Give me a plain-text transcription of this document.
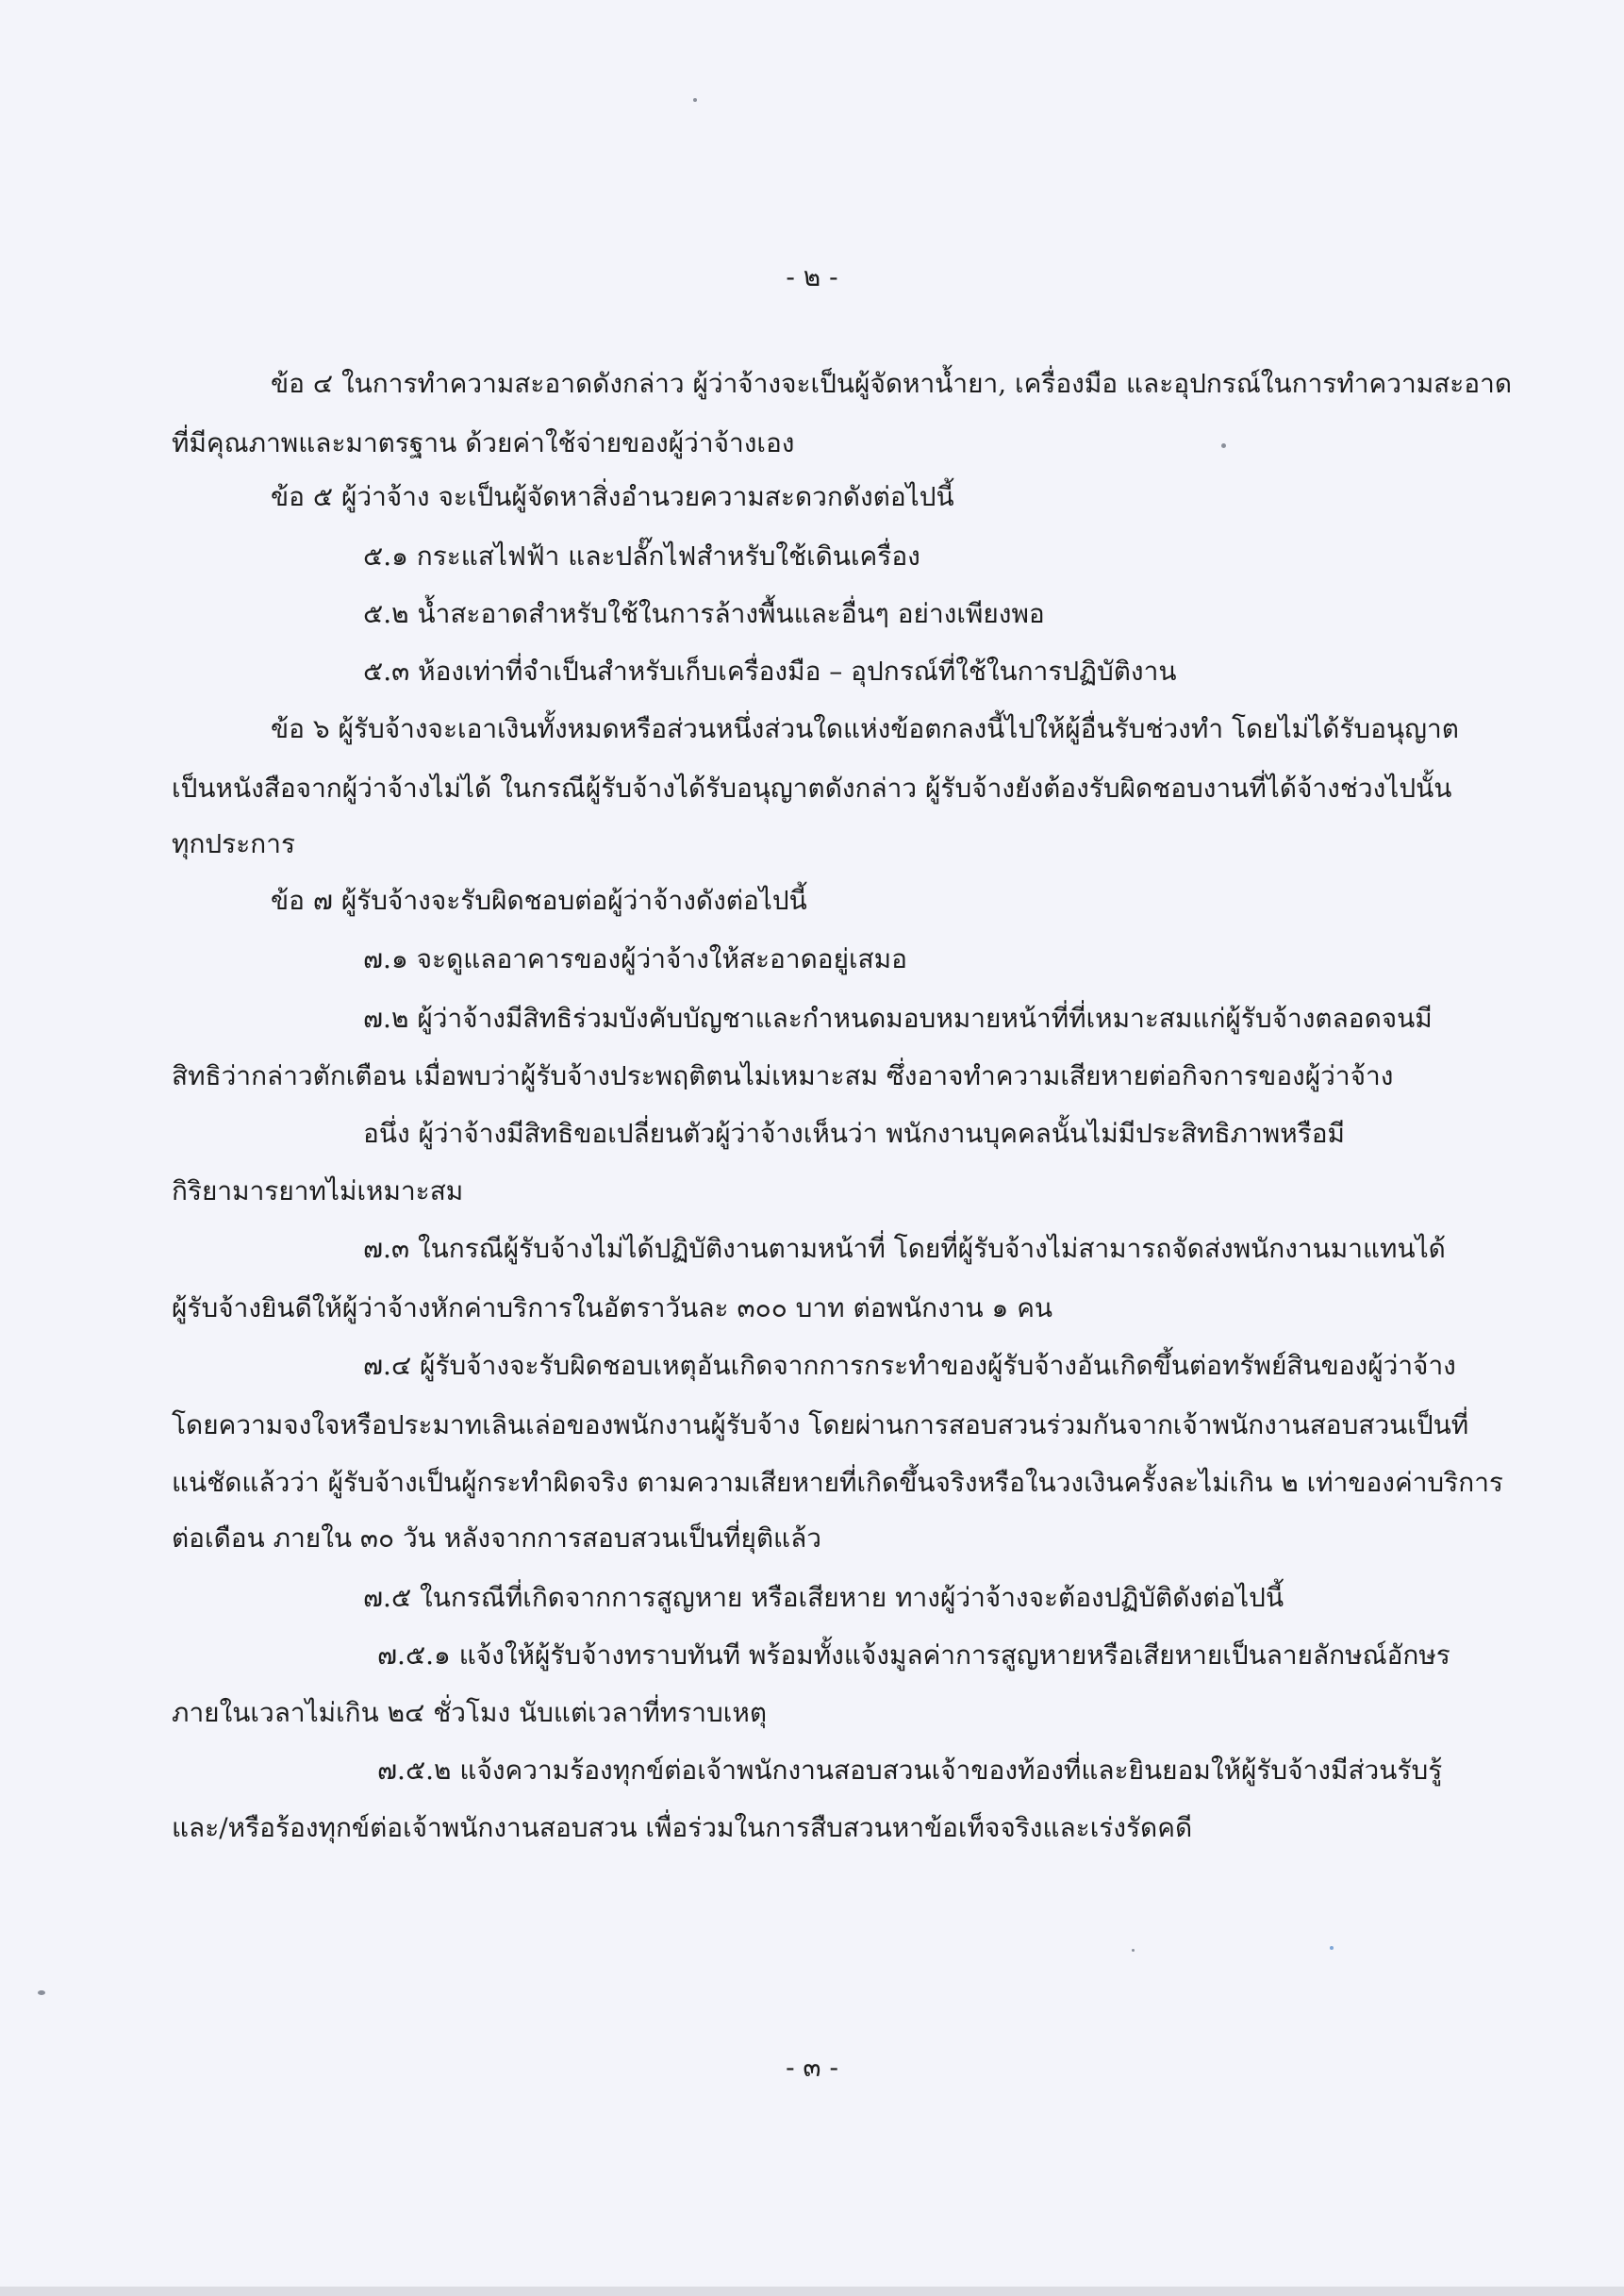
- ๒ -
ข้อ ๔ ในการทำความสะอาดดังกล่าว ผู้ว่าจ้างจะเป็นผู้จัดหาน้ำยา, เครื่องมือ และอุปกรณ์ในการทำความสะอาด
ที่มีคุณภาพและมาตรฐาน ด้วยค่าใช้จ่ายของผู้ว่าจ้างเอง
ข้อ ๕ ผู้ว่าจ้าง จะเป็นผู้จัดหาสิ่งอำนวยความสะดวกดังต่อไปนี้
๕.๑ กระแสไฟฟ้า และปลั๊กไฟสำหรับใช้เดินเครื่อง
๕.๒ น้ำสะอาดสำหรับใช้ในการล้างพื้นและอื่นๆ อย่างเพียงพอ
๕.๓ ห้องเท่าที่จำเป็นสำหรับเก็บเครื่องมือ – อุปกรณ์ที่ใช้ในการปฏิบัติงาน
ข้อ ๖ ผู้รับจ้างจะเอาเงินทั้งหมดหรือส่วนหนึ่งส่วนใดแห่งข้อตกลงนี้ไปให้ผู้อื่นรับช่วงทำ โดยไม่ได้รับอนุญาต
เป็นหนังสือจากผู้ว่าจ้างไม่ได้ ในกรณีผู้รับจ้างได้รับอนุญาตดังกล่าว ผู้รับจ้างยังต้องรับผิดชอบงานที่ได้จ้างช่วงไปนั้น
ทุกประการ
ข้อ ๗ ผู้รับจ้างจะรับผิดชอบต่อผู้ว่าจ้างดังต่อไปนี้
๗.๑ จะดูแลอาคารของผู้ว่าจ้างให้สะอาดอยู่เสมอ
๗.๒ ผู้ว่าจ้างมีสิทธิร่วมบังคับบัญชาและกำหนดมอบหมายหน้าที่ที่เหมาะสมแก่ผู้รับจ้างตลอดจนมี
สิทธิว่ากล่าวตักเตือน เมื่อพบว่าผู้รับจ้างประพฤติตนไม่เหมาะสม ซึ่งอาจทำความเสียหายต่อกิจการของผู้ว่าจ้าง
อนึ่ง ผู้ว่าจ้างมีสิทธิขอเปลี่ยนตัวผู้ว่าจ้างเห็นว่า พนักงานบุคคลนั้นไม่มีประสิทธิภาพหรือมี
กิริยามารยาทไม่เหมาะสม
๗.๓ ในกรณีผู้รับจ้างไม่ได้ปฏิบัติงานตามหน้าที่ โดยที่ผู้รับจ้างไม่สามารถจัดส่งพนักงานมาแทนได้
ผู้รับจ้างยินดีให้ผู้ว่าจ้างหักค่าบริการในอัตราวันละ ๓๐๐ บาท ต่อพนักงาน ๑ คน
๗.๔ ผู้รับจ้างจะรับผิดชอบเหตุอันเกิดจากการกระทำของผู้รับจ้างอันเกิดขึ้นต่อทรัพย์สินของผู้ว่าจ้าง
โดยความจงใจหรือประมาทเลินเล่อของพนักงานผู้รับจ้าง โดยผ่านการสอบสวนร่วมกันจากเจ้าพนักงานสอบสวนเป็นที่
แน่ชัดแล้วว่า ผู้รับจ้างเป็นผู้กระทำผิดจริง ตามความเสียหายที่เกิดขึ้นจริงหรือในวงเงินครั้งละไม่เกิน ๒ เท่าของค่าบริการ
ต่อเดือน ภายใน ๓๐ วัน หลังจากการสอบสวนเป็นที่ยุติแล้ว
๗.๕ ในกรณีที่เกิดจากการสูญหาย หรือเสียหาย ทางผู้ว่าจ้างจะต้องปฏิบัติดังต่อไปนี้
๗.๕.๑ แจ้งให้ผู้รับจ้างทราบทันที พร้อมทั้งแจ้งมูลค่าการสูญหายหรือเสียหายเป็นลายลักษณ์อักษร
ภายในเวลาไม่เกิน ๒๔ ชั่วโมง นับแต่เวลาที่ทราบเหตุ
๗.๕.๒ แจ้งความร้องทุกข์ต่อเจ้าพนักงานสอบสวนเจ้าของท้องที่และยินยอมให้ผู้รับจ้างมีส่วนรับรู้
และ/หรือร้องทุกข์ต่อเจ้าพนักงานสอบสวน เพื่อร่วมในการสืบสวนหาข้อเท็จจริงและเร่งรัดคดี
- ๓ -
